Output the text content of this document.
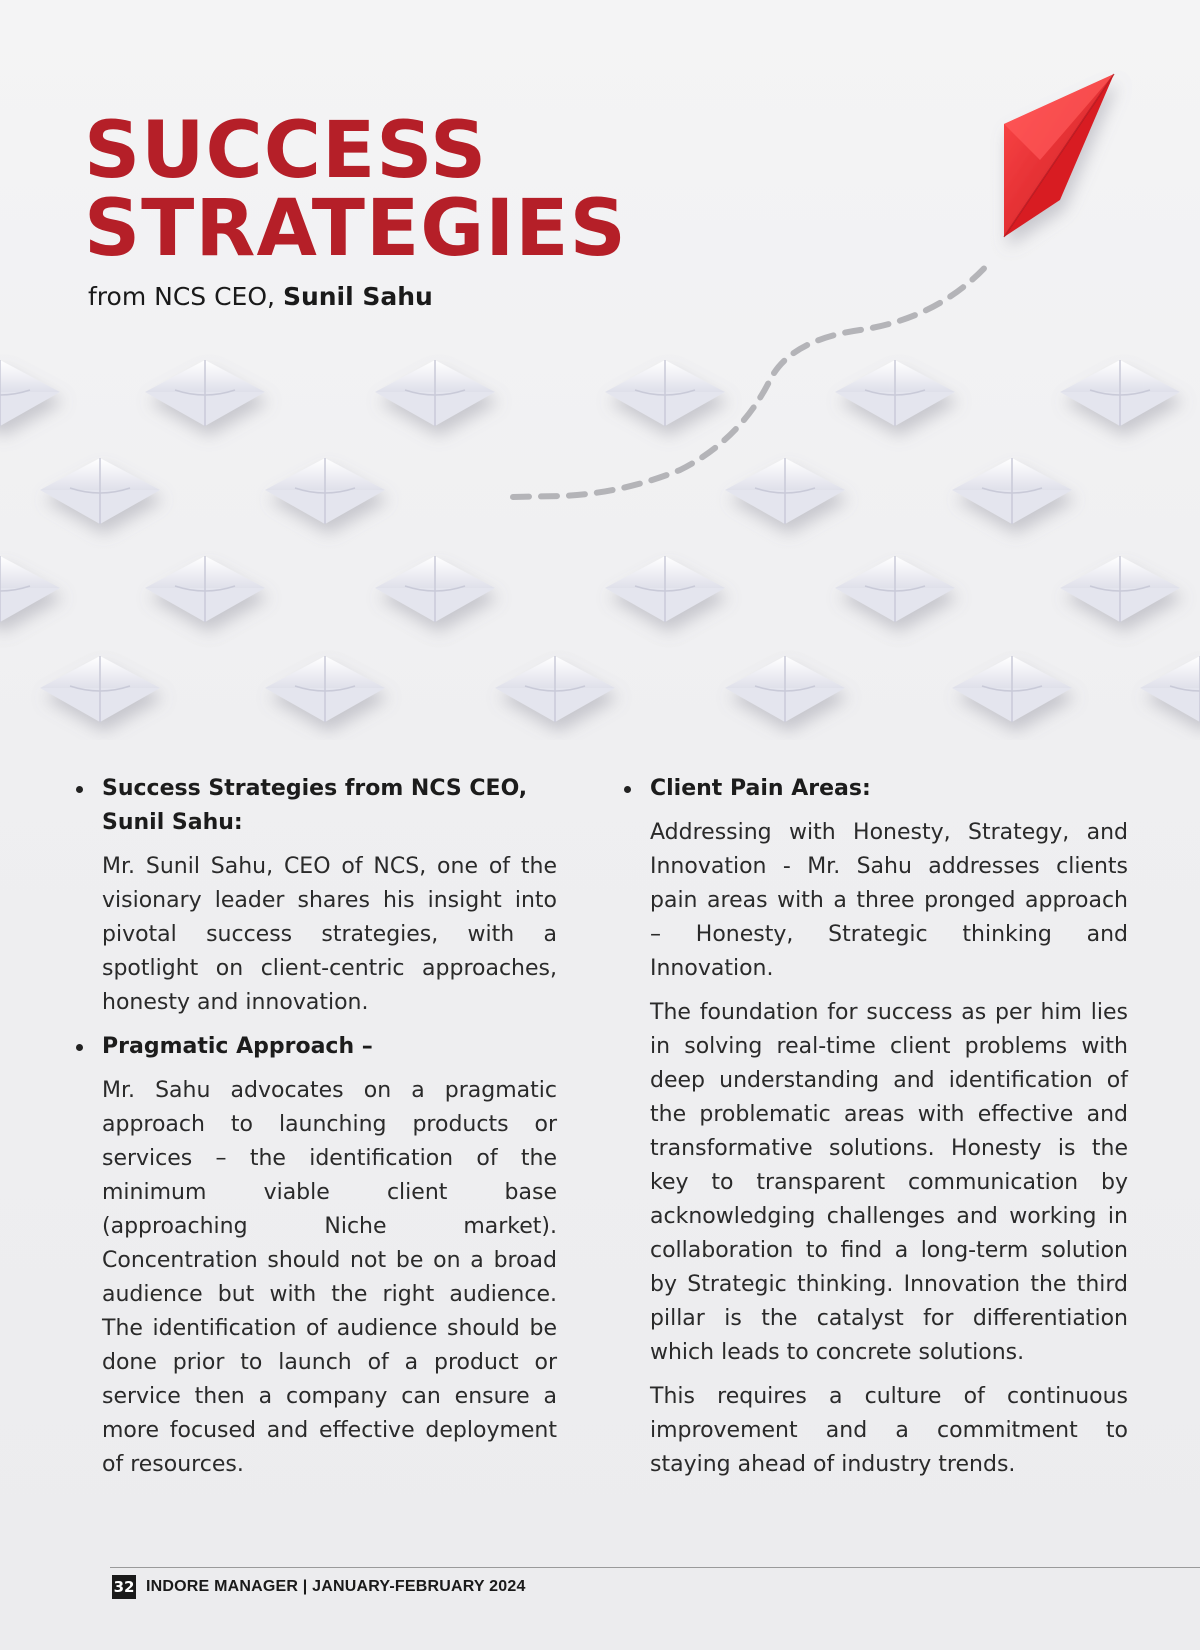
SUCCESS
STRATEGIES

from NCS CEO, Sunil Sahu

Success Strategies from NCS CEO, Sunil Sahu:

Mr. Sunil Sahu, CEO of NCS, one of the visionary leader shares his insight into pivotal success strategies, with a spotlight on client-centric approaches, honesty and innovation.

Pragmatic Approach –

Mr. Sahu advocates on a pragmatic approach to launching products or services – the identification of the minimum viable client base (approaching Niche market). Concentration should not be on a broad audience but with the right audience. The identification of audience should be done prior to launch of a product or service then a company can ensure a more focused and effective deployment of resources.

Client Pain Areas:

Addressing with Honesty, Strategy, and Innovation - Mr. Sahu addresses clients pain areas with a three pronged approach – Honesty, Strategic thinking and Innovation.

The foundation for success as per him lies in solving real-time client problems with deep understanding and identification of the problematic areas with effective and transformative solutions. Honesty is the key to transparent communication by acknowledging challenges and working in collaboration to find a long-term solution by Strategic thinking. Innovation the third pillar is the catalyst for differentiation which leads to concrete solutions.

This requires a culture of continuous improvement and a commitment to staying ahead of industry trends.

32 INDORE MANAGER | JANUARY-FEBRUARY 2024
